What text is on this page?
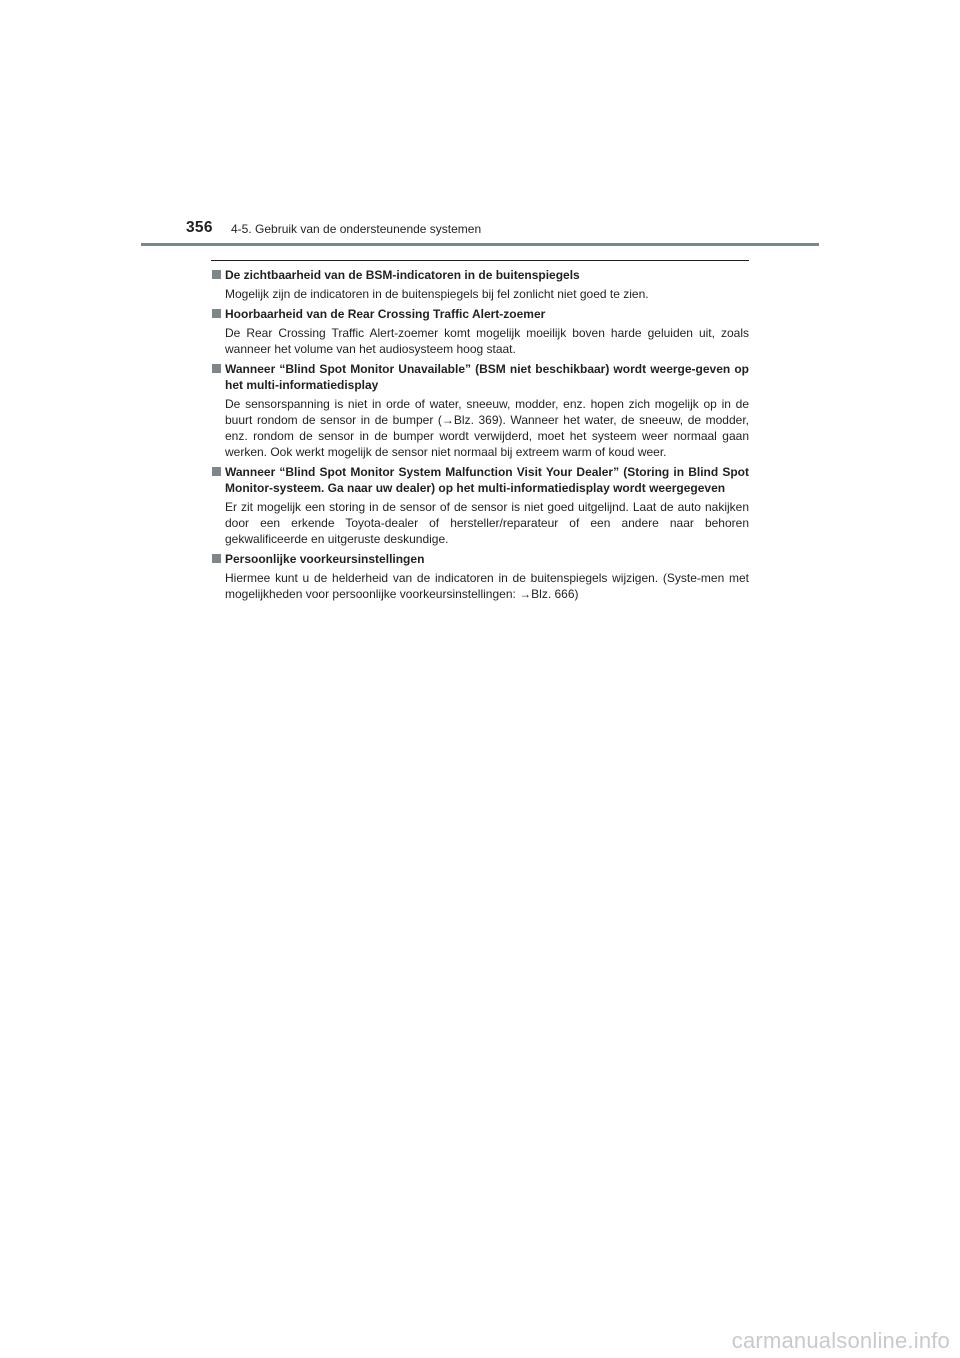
356 4-5. Gebruik van de ondersteunende systemen
De zichtbaarheid van de BSM-indicatoren in de buitenspiegels
Mogelijk zijn de indicatoren in de buitenspiegels bij fel zonlicht niet goed te zien.
Hoorbaarheid van de Rear Crossing Traffic Alert-zoemer
De Rear Crossing Traffic Alert-zoemer komt mogelijk moeilijk boven harde geluiden uit, zoals wanneer het volume van het audiosysteem hoog staat.
Wanneer “Blind Spot Monitor Unavailable” (BSM niet beschikbaar) wordt weerge-geven op het multi-informatiedisplay
De sensorspanning is niet in orde of water, sneeuw, modder, enz. hopen zich mogelijk op in de buurt rondom de sensor in de bumper (→Blz. 369). Wanneer het water, de sneeuw, de modder, enz. rondom de sensor in de bumper wordt verwijderd, moet het systeem weer normaal gaan werken. Ook werkt mogelijk de sensor niet normaal bij extreem warm of koud weer.
Wanneer “Blind Spot Monitor System Malfunction Visit Your Dealer” (Storing in Blind Spot Monitor-systeem. Ga naar uw dealer) op het multi-informatiedisplay wordt weergegeven
Er zit mogelijk een storing in de sensor of de sensor is niet goed uitgelijnd. Laat de auto nakijken door een erkende Toyota-dealer of hersteller/reparateur of een andere naar behoren gekwalificeerde en uitgeruste deskundige.
Persoonlijke voorkeursinstellingen
Hiermee kunt u de helderheid van de indicatoren in de buitenspiegels wijzigen. (Syste-men met mogelijkheden voor persoonlijke voorkeursinstellingen: →Blz. 666)
carmanualsonline.info
